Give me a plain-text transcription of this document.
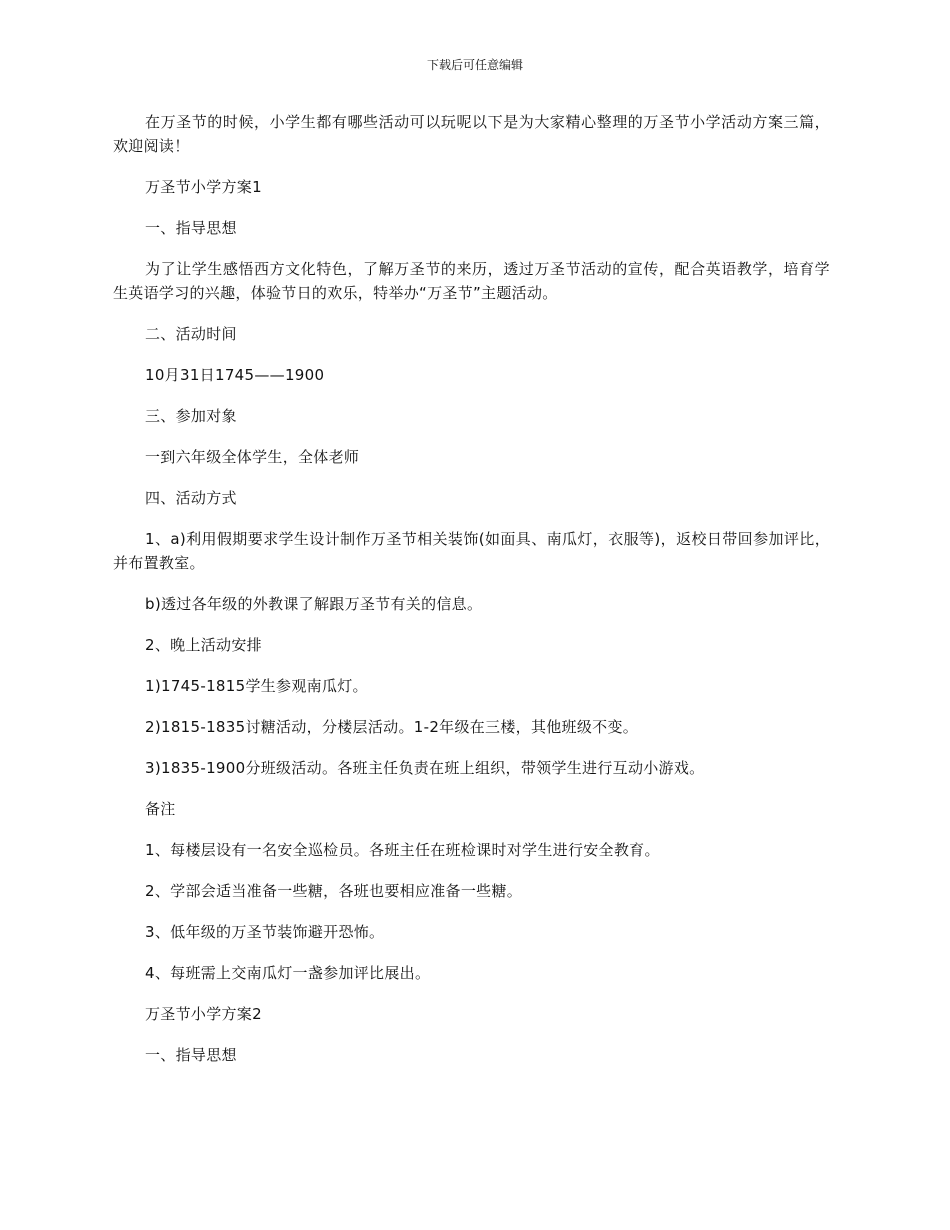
下载后可任意编辑

在万圣节的时候，小学生都有哪些活动可以玩呢以下是为大家精心整理的万圣节小学活动方案三篇，欢迎阅读！

万圣节小学方案1

一、指导思想

为了让学生感悟西方文化特色，了解万圣节的来历，透过万圣节活动的宣传，配合英语教学，培育学生英语学习的兴趣，体验节日的欢乐，特举办“万圣节”主题活动。

二、活动时间

10月31日1745——1900

三、参加对象

一到六年级全体学生，全体老师

四、活动方式

1、a)利用假期要求学生设计制作万圣节相关装饰(如面具、南瓜灯，衣服等)，返校日带回参加评比，并布置教室。

b)透过各年级的外教课了解跟万圣节有关的信息。

2、晚上活动安排

1)1745-1815学生参观南瓜灯。

2)1815-1835讨糖活动，分楼层活动。1-2年级在三楼，其他班级不变。

3)1835-1900分班级活动。各班主任负责在班上组织，带领学生进行互动小游戏。

备注

1、每楼层设有一名安全巡检员。各班主任在班检课时对学生进行安全教育。

2、学部会适当准备一些糖，各班也要相应准备一些糖。

3、低年级的万圣节装饰避开恐怖。

4、每班需上交南瓜灯一盏参加评比展出。

万圣节小学方案2

一、指导思想
